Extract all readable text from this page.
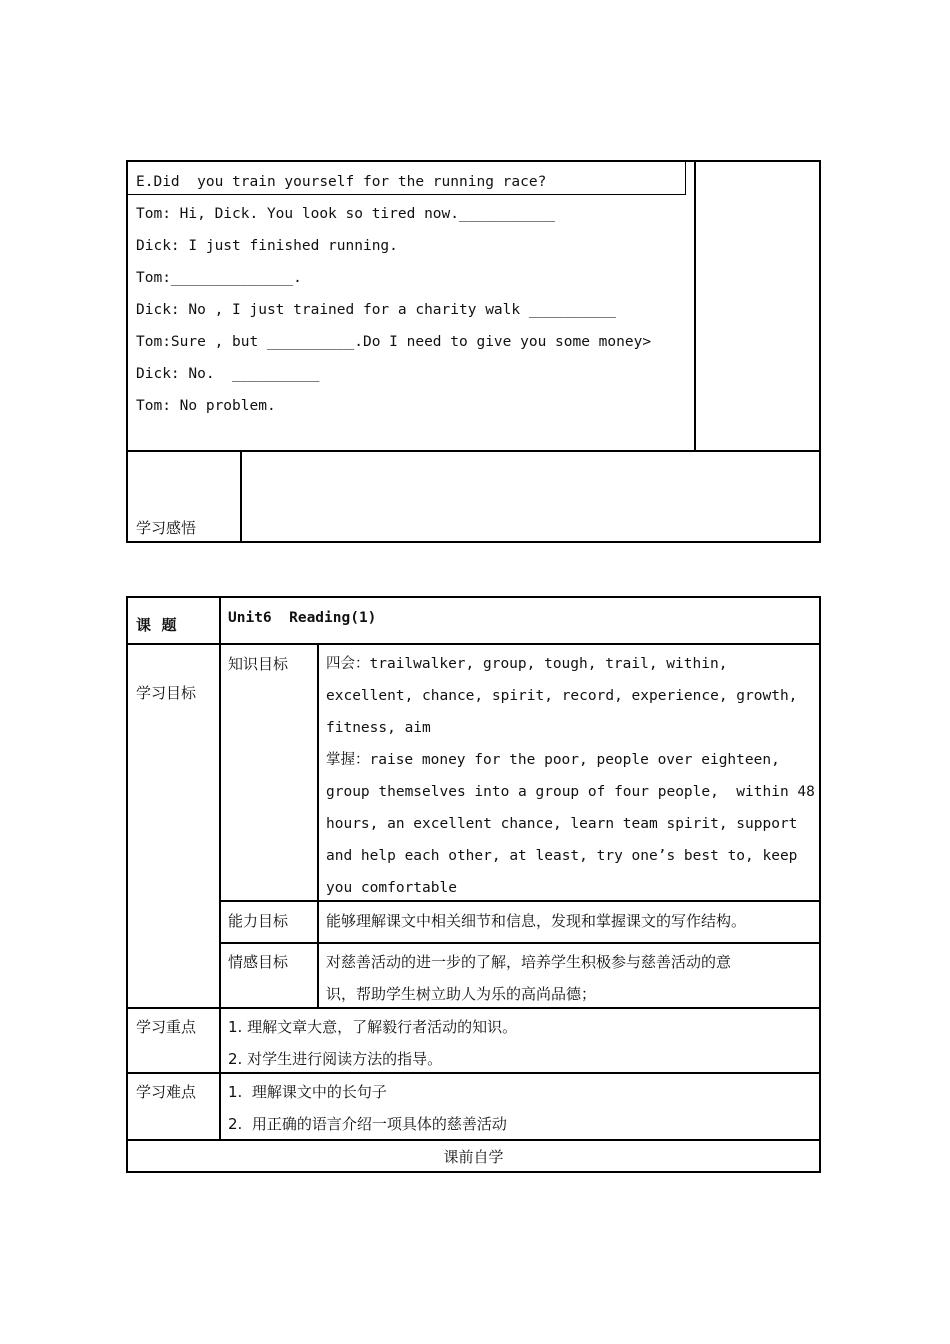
E.Did  you train yourself for the running race?
Tom: Hi, Dick. You look so tired now.___________
Dick: I just finished running.
Tom:______________.
Dick: No , I just trained for a charity walk __________
Tom:Sure , but __________.Do I need to give you some money>
Dick: No.  __________
Tom: No problem.
学习感悟
课  题	Unit6  Reading(1)
学习目标
知识目标	四会：trailwalker, group, tough, trail, within,
excellent, chance, spirit, record, experience, growth,
fitness, aim
掌握：raise money for the poor, people over eighteen,
group themselves into a group of four people,  within 48
hours, an excellent chance, learn team spirit, support
and help each other, at least, try one’s best to, keep
you comfortable
能力目标	能够理解课文中相关细节和信息，发现和掌握课文的写作结构。
情感目标	对慈善活动的进一步的了解，培养学生积极参与慈善活动的意
识，帮助学生树立助人为乐的高尚品德；
学习重点 1. 理解文章大意，了解毅行者活动的知识。
2. 对学生进行阅读方法的指导。
学习难点 1.  理解课文中的长句子
2.  用正确的语言介绍一项具体的慈善活动
课前自学
